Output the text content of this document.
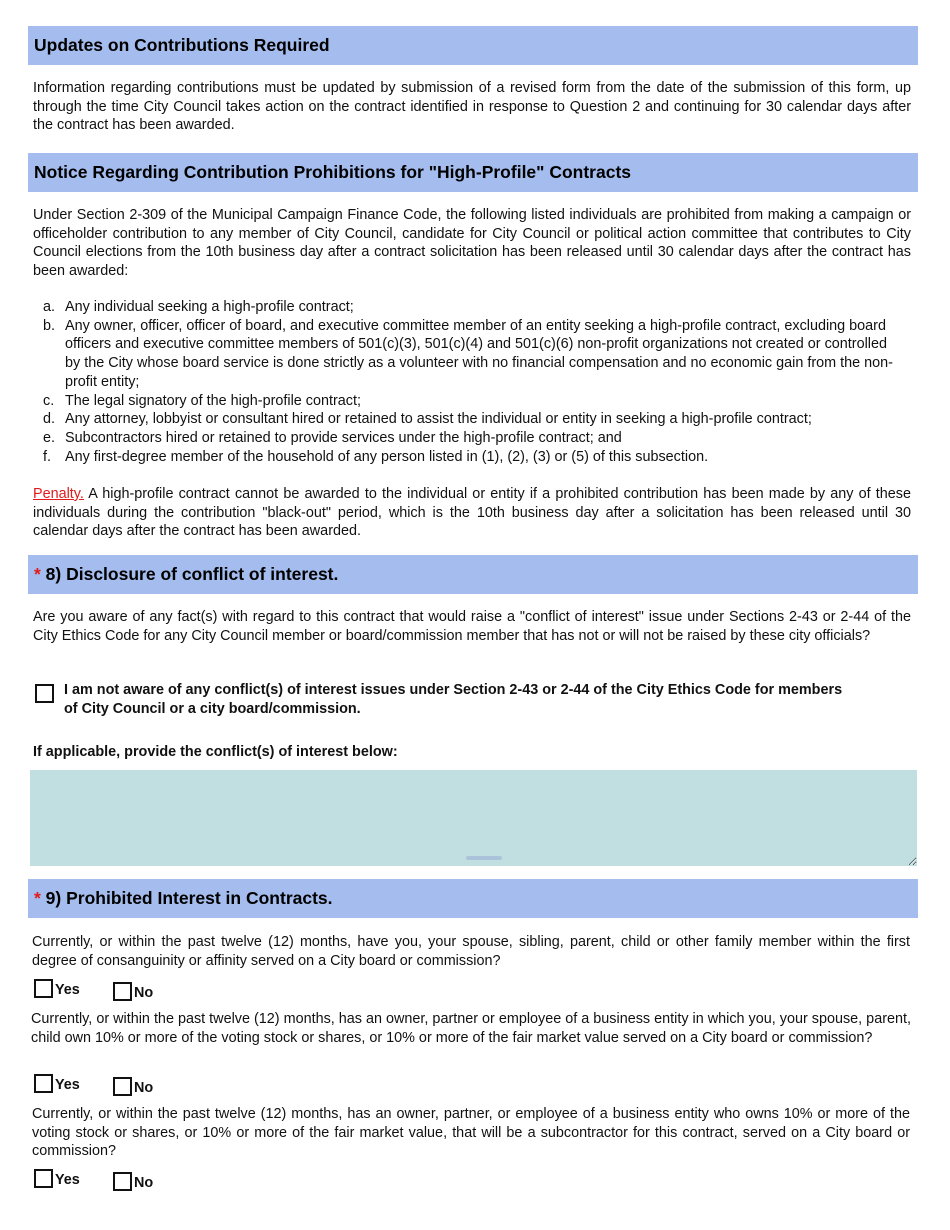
Updates on Contributions Required
Information regarding contributions must be updated by submission of a revised form from the date of the submission of this form, up through the time City Council takes action on the contract identified in response to Question 2 and continuing for 30 calendar days after the contract has been awarded.
Notice Regarding Contribution Prohibitions for "High-Profile" Contracts
Under Section 2-309 of the Municipal Campaign Finance Code, the following listed individuals are prohibited from making a campaign or officeholder contribution to any member of City Council, candidate for City Council or political action committee that contributes to City Council elections from the 10th business day after a contract solicitation has been released until 30 calendar days after the contract has been awarded:
a. Any individual seeking a high-profile contract;
b. Any owner, officer, officer of board, and executive committee member of an entity seeking a high-profile contract, excluding board officers and executive committee members of 501(c)(3), 501(c)(4) and 501(c)(6) non-profit organizations not created or controlled by the City whose board service is done strictly as a volunteer with no financial compensation and no economic gain from the non-profit entity;
c. The legal signatory of the high-profile contract;
d. Any attorney, lobbyist or consultant hired or retained to assist the individual or entity in seeking a high-profile contract;
e. Subcontractors hired or retained to provide services under the high-profile contract; and
f. Any first-degree member of the household of any person listed in (1), (2), (3) or (5) of this subsection.
Penalty. A high-profile contract cannot be awarded to the individual or entity if a prohibited contribution has been made by any of these individuals during the contribution "black-out" period, which is the 10th business day after a solicitation has been released until 30 calendar days after the contract has been awarded.
* 8) Disclosure of conflict of interest.
Are you aware of any fact(s) with regard to this contract that would raise a "conflict of interest" issue under Sections 2-43 or 2-44 of the City Ethics Code for any City Council member or board/commission member that has not or will not be raised by these city officials?
I am not aware of any conflict(s) of interest issues under Section 2-43 or 2-44 of the City Ethics Code for members of City Council or a city board/commission.
If applicable, provide the conflict(s) of interest below:
* 9) Prohibited Interest in Contracts.
Currently, or within the past twelve (12) months, have you, your spouse, sibling, parent, child or other family member within the first degree of consanguinity or affinity served on a City board or commission?
Yes	No
Currently, or within the past twelve (12) months, has an owner, partner or employee of a business entity in which you, your spouse, parent, child own 10% or more of the voting stock or shares, or 10% or more of the fair market value served on a City board or commission?
Yes	No
Currently, or within the past twelve (12) months, has an owner, partner, or employee of a business entity who owns 10% or more of the voting stock or shares, or 10% or more of the fair market value, that will be a subcontractor for this contract, served on a City board or commission?
Yes	No
